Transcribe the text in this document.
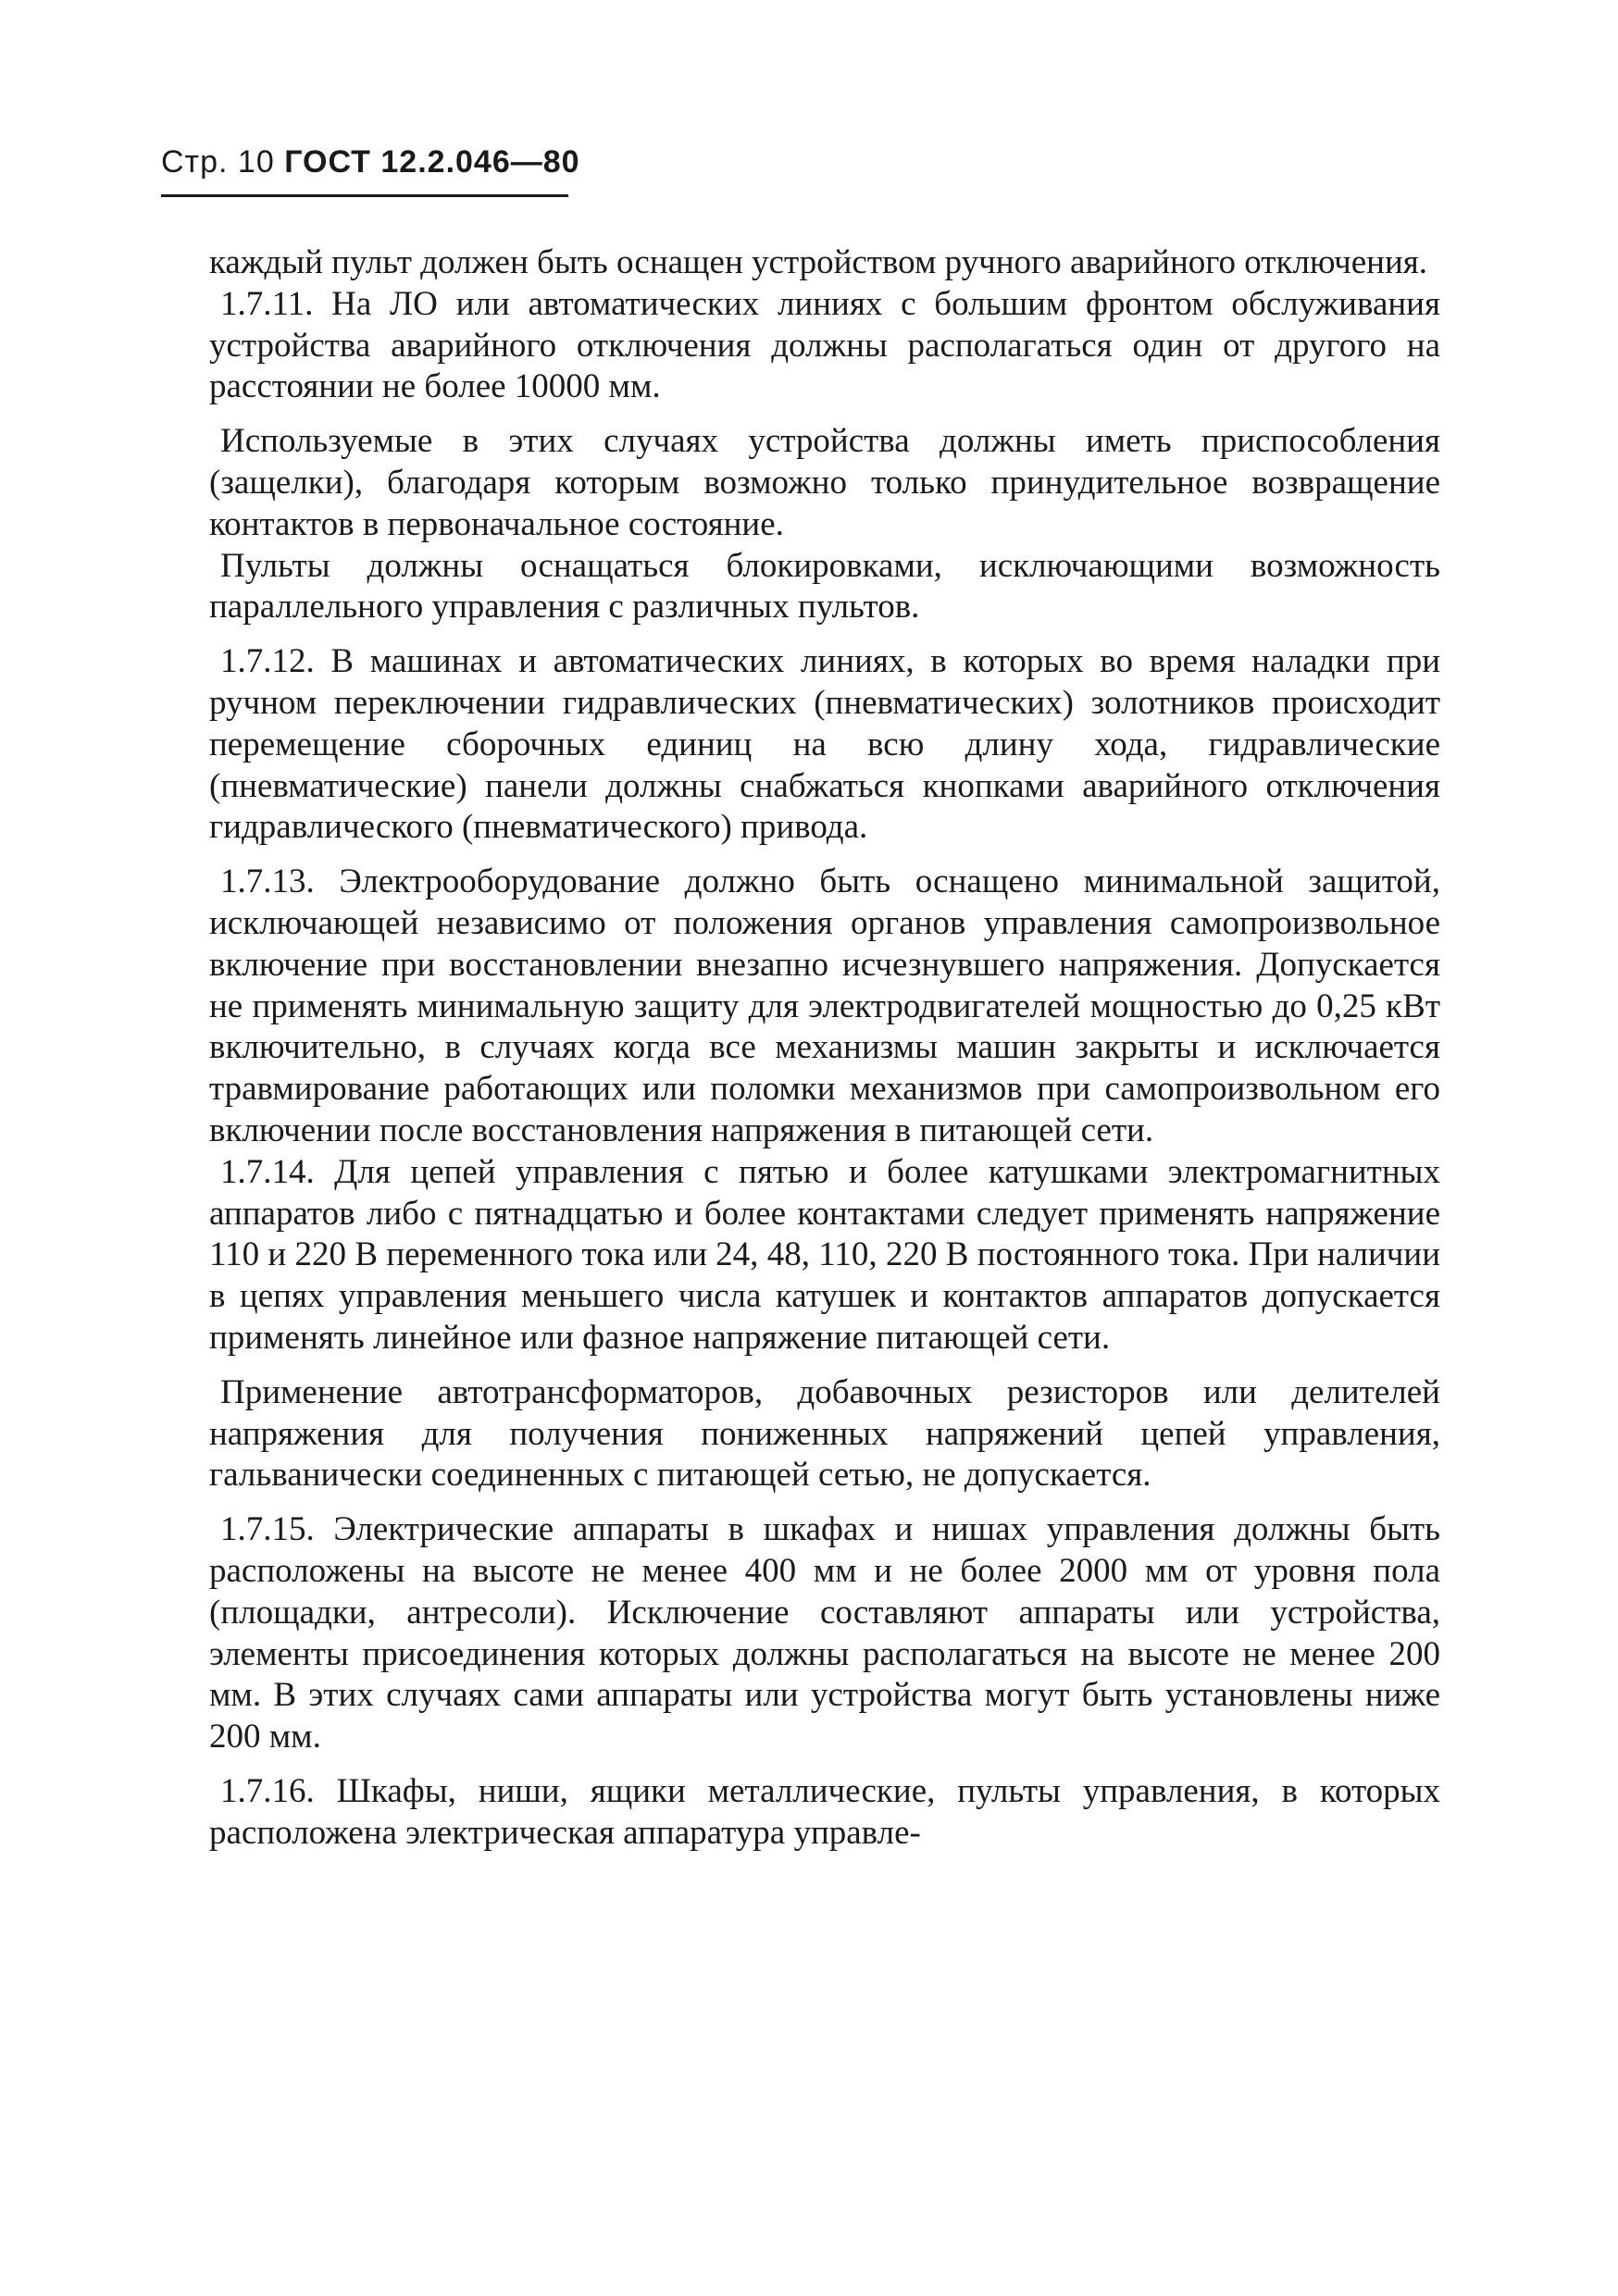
Стр. 10 ГОСТ 12.2.046—80

каждый пульт должен быть оснащен устройством ручного аварийного отключения.

1.7.11. На ЛО или автоматических линиях с большим фронтом обслуживания устройства аварийного отключения должны располагаться один от другого на расстоянии не более 10000 мм.

Используемые в этих случаях устройства должны иметь приспособления (защелки), благодаря которым возможно только принудительное возвращение контактов в первоначальное состояние.

Пульты должны оснащаться блокировками, исключающими возможность параллельного управления с различных пультов.

1.7.12. В машинах и автоматических линиях, в которых во время наладки при ручном переключении гидравлических (пневматических) золотников происходит перемещение сборочных единиц на всю длину хода, гидравлические (пневматические) панели должны снабжаться кнопками аварийного отключения гидравлического (пневматического) привода.

1.7.13. Электрооборудование должно быть оснащено минимальной защитой, исключающей независимо от положения органов управления самопроизвольное включение при восстановлении внезапно исчезнувшего напряжения. Допускается не применять минимальную защиту для электродвигателей мощностью до 0,25 кВт включительно, в случаях когда все механизмы машин закрыты и исключается травмирование работающих или поломки механизмов при самопроизвольном его включении после восстановления напряжения в питающей сети.

1.7.14. Для цепей управления с пятью и более катушками электромагнитных аппаратов либо с пятнадцатью и более контактами следует применять напряжение 110 и 220 В переменного тока или 24, 48, 110, 220 В постоянного тока. При наличии в цепях управления меньшего числа катушек и контактов аппаратов допускается применять линейное или фазное напряжение питающей сети.

Применение автотрансформаторов, добавочных резисторов или делителей напряжения для получения пониженных напряжений цепей управления, гальванически соединенных с питающей сетью, не допускается.

1.7.15. Электрические аппараты в шкафах и нишах управления должны быть расположены на высоте не менее 400 мм и не более 2000 мм от уровня пола (площадки, антресоли). Исключение составляют аппараты или устройства, элементы присоединения которых должны располагаться на высоте не менее 200 мм. В этих случаях сами аппараты или устройства могут быть установлены ниже 200 мм.

1.7.16. Шкафы, ниши, ящики металлические, пульты управления, в которых расположена электрическая аппаратура управле-
